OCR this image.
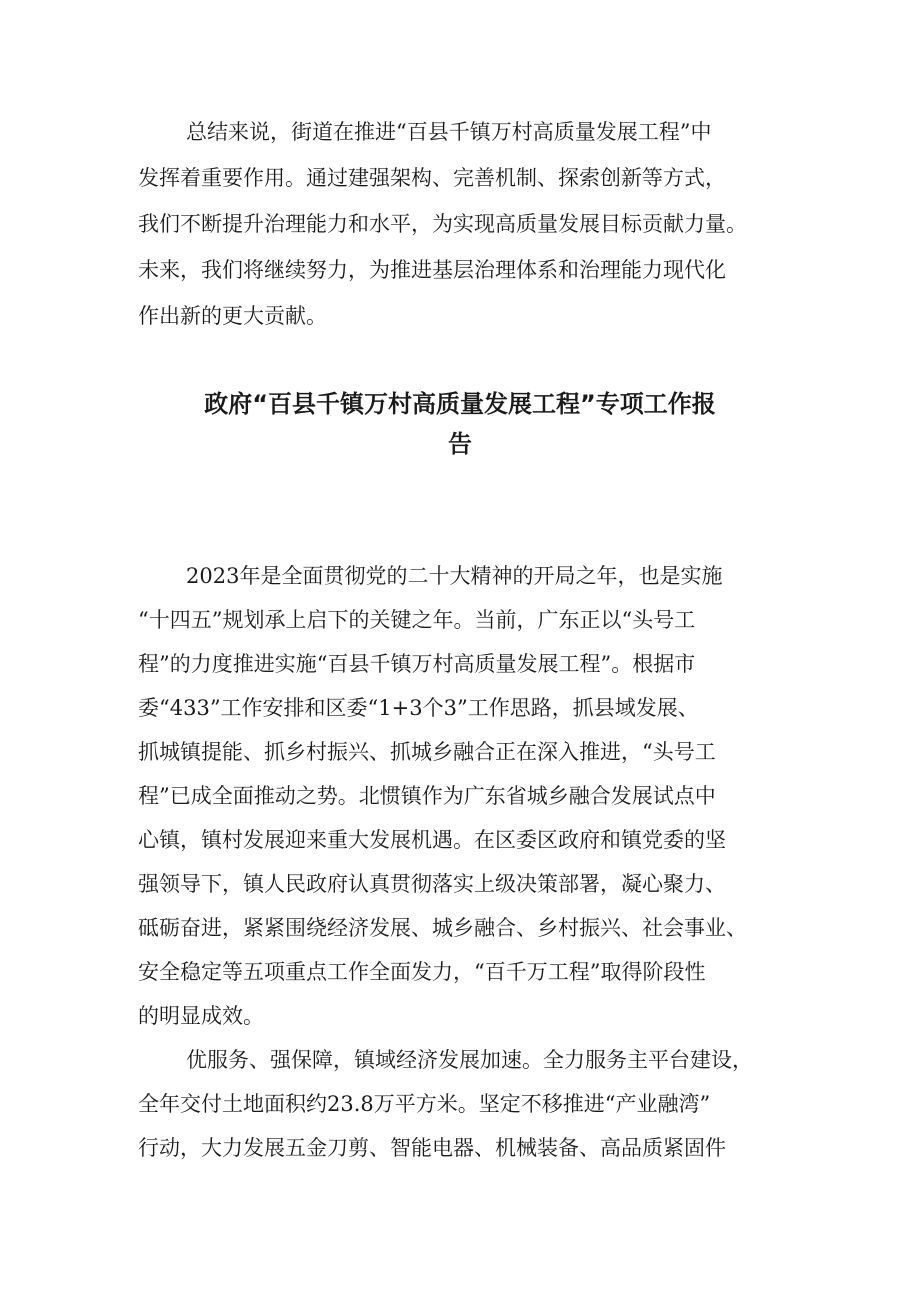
总结来说，街道在推进“百县千镇万村高质量发展工程”中
发挥着重要作用。通过建强架构、完善机制、探索创新等方式，
我们不断提升治理能力和水平，为实现高质量发展目标贡献力量。
未来，我们将继续努力，为推进基层治理体系和治理能力现代化
作出新的更大贡献。
政府“百县千镇万村高质量发展工程”专项工作报
告
2023年是全面贯彻党的二十大精神的开局之年，也是实施
“十四五”规划承上启下的关键之年。当前，广东正以“头号工
程”的力度推进实施“百县千镇万村高质量发展工程”。根据市
委“433”工作安排和区委“1+3个3”工作思路，抓县域发展、
抓城镇提能、抓乡村振兴、抓城乡融合正在深入推进，“头号工
程”已成全面推动之势。北惯镇作为广东省城乡融合发展试点中
心镇，镇村发展迎来重大发展机遇。在区委区政府和镇党委的坚
强领导下，镇人民政府认真贯彻落实上级决策部署，凝心聚力、
砥砺奋进，紧紧围绕经济发展、城乡融合、乡村振兴、社会事业、
安全稳定等五项重点工作全面发力，“百千万工程”取得阶段性
的明显成效。
优服务、强保障，镇域经济发展加速。全力服务主平台建设，
全年交付土地面积约23.8万平方米。坚定不移推进“产业融湾”
行动，大力发展五金刀剪、智能电器、机械装备、高品质紧固件
